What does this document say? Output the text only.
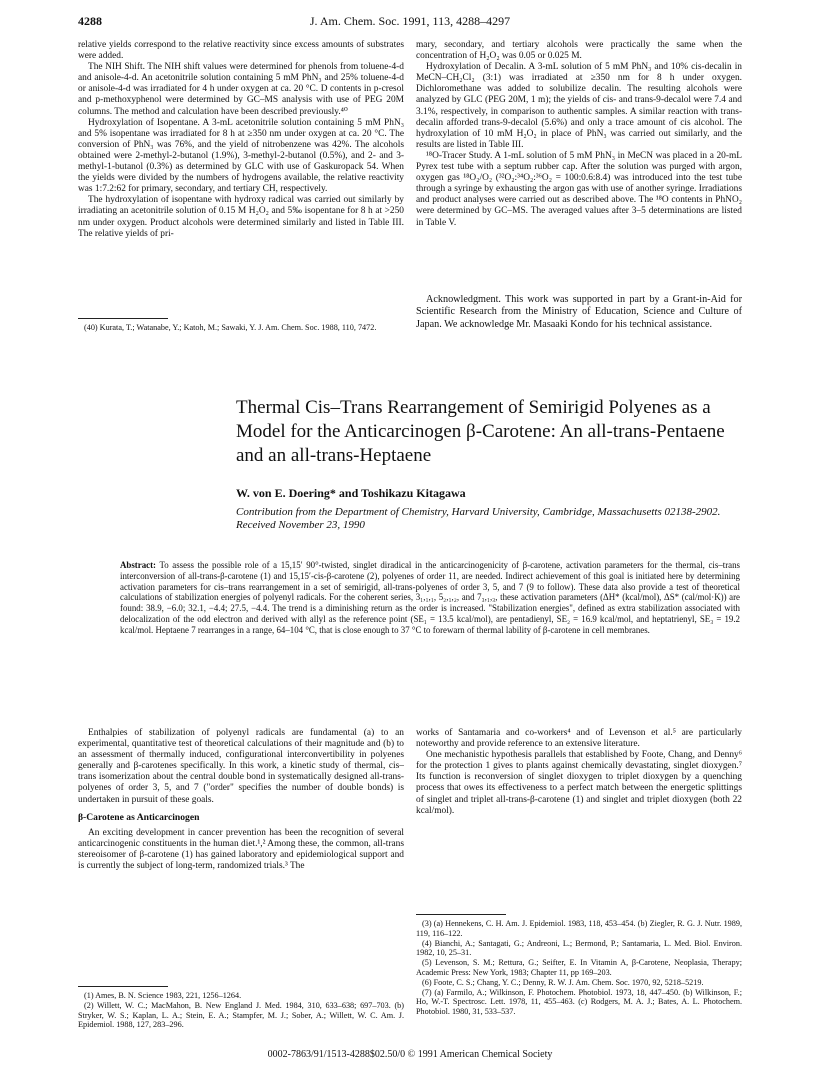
4288	J. Am. Chem. Soc. 1991, 113, 4288–4297

relative yields correspond to the relative reactivity since excess amounts of substrates were added.

The NIH Shift. The NIH shift values were determined for phenols from toluene-4-d and anisole-4-d. An acetonitrile solution containing 5 mM PhN₃ and 25% toluene-4-d or anisole-4-d was irradiated for 4 h under oxygen at ca. 20 °C. D contents in p-cresol and p-methoxyphenol were determined by GC–MS analysis with use of PEG 20M columns. The method and calculation have been described previously.⁴⁰

Hydroxylation of Isopentane. A 3-mL acetonitrile solution containing 5 mM PhN₃ and 5% isopentane was irradiated for 8 h at ≥350 nm under oxygen at ca. 20 °C. The conversion of PhN₃ was 76%, and the yield of nitrobenzene was 42%. The alcohols obtained were 2-methyl-2-butanol (1.9%), 3-methyl-2-butanol (0.5%), and 2- and 3-methyl-1-butanol (0.3%) as determined by GLC with use of Gaskuropack 54. When the yields were divided by the numbers of hydrogens available, the relative reactivity was 1:7.2:62 for primary, secondary, and tertiary CH, respectively.

The hydroxylation of isopentane with hydroxy radical was carried out similarly by irradiating an acetonitrile solution of 0.15 M H₂O₂ and 5‰ isopentane for 8 h at >250 nm under oxygen. Product alcohols were determined similarly and listed in Table III. The relative yields of pri-

(40) Kurata, T.; Watanabe, Y.; Katoh, M.; Sawaki, Y. J. Am. Chem. Soc. 1988, 110, 7472.

mary, secondary, and tertiary alcohols were practically the same when the concentration of H₂O₂ was 0.05 or 0.025 M.

Hydroxylation of Decalin. A 3-mL solution of 5 mM PhN₃ and 10% cis-decalin in MeCN–CH₂Cl₂ (3:1) was irradiated at ≥350 nm for 8 h under oxygen. Dichloromethane was added to solubilize decalin. The resulting alcohols were analyzed by GLC (PEG 20M, 1 m); the yields of cis- and trans-9-decalol were 7.4 and 3.1%, respectively, in comparison to authentic samples. A similar reaction with trans-decalin afforded trans-9-decalol (5.6%) and only a trace amount of cis alcohol. The hydroxylation of 10 mM H₂O₂ in place of PhN₃ was carried out similarly, and the results are listed in Table III.

¹⁸O-Tracer Study. A 1-mL solution of 5 mM PhN₃ in MeCN was placed in a 20-mL Pyrex test tube with a septum rubber cap. After the solution was purged with argon, oxygen gas ¹⁸O₂/O₂ (³²O₂:³⁴O₂:³⁶O₂ = 100:0.6:8.4) was introduced into the test tube through a syringe by exhausting the argon gas with use of another syringe. Irradiations and product analyses were carried out as described above. The ¹⁸O contents in PhNO₂ were determined by GC–MS. The averaged values after 3–5 determinations are listed in Table V.

Acknowledgment. This work was supported in part by a Grant-in-Aid for Scientific Research from the Ministry of Education, Science and Culture of Japan. We acknowledge Mr. Masaaki Kondo for his technical assistance.

Thermal Cis–Trans Rearrangement of Semirigid Polyenes as a Model for the Anticarcinogen β-Carotene: An all-trans-Pentaene and an all-trans-Heptaene
W. von E. Doering* and Toshikazu Kitagawa
Contribution from the Department of Chemistry, Harvard University, Cambridge, Massachusetts 02138-2902. Received November 23, 1990
Abstract: To assess the possible role of a 15,15′ 90°-twisted, singlet diradical in the anticarcinogenicity of β-carotene, activation parameters for the thermal, cis–trans interconversion of all-trans-β-carotene (1) and 15,15′-cis-β-carotene (2), polyenes of order 11, are needed. Indirect achievement of this goal is initiated here by determining activation parameters for cis–trans rearrangement in a set of semirigid, all-trans-polyenes of order 3, 5, and 7 (9 to follow). These data also provide a test of theoretical calculations of stabilization energies of polyenyl radicals. For the coherent series, 3₁,₁,₁, 5₂,₁,₂, and 7₃,₁,₃, these activation parameters (ΔH* (kcal/mol), ΔS* (cal/mol·K)) are found: 38.9, −6.0; 32.1, −4.4; 27.5, −4.4. The trend is a diminishing return as the order is increased. "Stabilization energies", defined as extra stabilization associated with delocalization of the odd electron and derived with allyl as the reference point (SE₁ = 13.5 kcal/mol), are pentadienyl, SE₂ = 16.9 kcal/mol, and heptatrienyl, SE₃ = 19.2 kcal/mol. Heptaene 7 rearranges in a range, 64–104 °C, that is close enough to 37 °C to forewarn of thermal lability of β-carotene in cell membranes.

Enthalpies of stabilization of polyenyl radicals are fundamental (a) to an experimental, quantitative test of theoretical calculations of their magnitude and (b) to an assessment of thermally induced, configurational interconvertibility in polyenes generally and β-carotenes specifically. In this work, a kinetic study of thermal, cis–trans isomerization about the central double bond in systematically designed all-trans-polyenes of order 3, 5, and 7 ("order" specifies the number of double bonds) is undertaken in pursuit of these goals.

β-Carotene as Anticarcinogen

An exciting development in cancer prevention has been the recognition of several anticarcinogenic constituents in the human diet.¹,² Among these, the common, all-trans stereoisomer of β-carotene (1) has gained laboratory and epidemiological support and is currently the subject of long-term, randomized trials.³ The

(1) Ames, B. N. Science 1983, 221, 1256–1264.

(2) Willett, W. C.; MacMahon, B. New England J. Med. 1984, 310, 633–638; 697–703. (b) Stryker, W. S.; Kaplan, L. A.; Stein, E. A.; Stampfer, M. J.; Sober, A.; Willett, W. C. Am. J. Epidemiol. 1988, 127, 283–296.

works of Santamaria and co-workers⁴ and of Levenson et al.⁵ are particularly noteworthy and provide reference to an extensive literature.

One mechanistic hypothesis parallels that established by Foote, Chang, and Denny⁶ for the protection 1 gives to plants against chemically devastating, singlet dioxygen.⁷ Its function is reconversion of singlet dioxygen to triplet dioxygen by a quenching process that owes its effectiveness to a perfect match between the energetic splittings of singlet and triplet all-trans-β-carotene (1) and singlet and triplet dioxygen (both 22 kcal/mol).

(3) (a) Hennekens, C. H. Am. J. Epidemiol. 1983, 118, 453–454. (b) Ziegler, R. G. J. Nutr. 1989, 119, 116–122.

(4) Bianchi, A.; Santagati, G.; Andreoni, L.; Bermond, P.; Santamaria, L. Med. Biol. Environ. 1982, 10, 25–31.

(5) Levenson, S. M.; Rettura, G.; Seifter, E. In Vitamin A, β-Carotene, Neoplasia, Therapy; Academic Press: New York, 1983; Chapter 11, pp 169–203.

(6) Foote, C. S.; Chang, Y. C.; Denny, R. W. J. Am. Chem. Soc. 1970, 92, 5218–5219.

(7) (a) Farmilo, A.; Wilkinson, F. Photochem. Photobiol. 1973, 18, 447–450. (b) Wilkinson, F.; Ho, W.-T. Spectrosc. Lett. 1978, 11, 455–463. (c) Rodgers, M. A. J.; Bates, A. L. Photochem. Photobiol. 1980, 31, 533–537.

0002-7863/91/1513-4288$02.50/0 © 1991 American Chemical Society
